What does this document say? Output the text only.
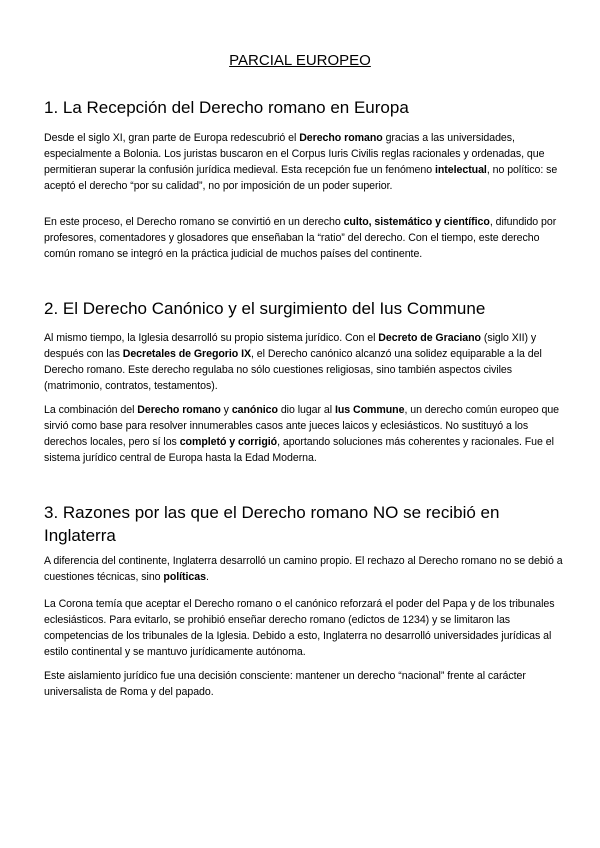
PARCIAL EUROPEO
1. La Recepción del Derecho romano en Europa

Desde el siglo XI, gran parte de Europa redescubrió el Derecho romano gracias a las universidades, especialmente a Bolonia. Los juristas buscaron en el Corpus Iuris Civilis reglas racionales y ordenadas, que permitieran superar la confusión jurídica medieval. Esta recepción fue un fenómeno intelectual, no político: se aceptó el derecho “por su calidad”, no por imposición de un poder superior.

En este proceso, el Derecho romano se convirtió en un derecho culto, sistemático y científico, difundido por profesores, comentadores y glosadores que enseñaban la “ratio” del derecho. Con el tiempo, este derecho común romano se integró en la práctica judicial de muchos países del continente.

2. El Derecho Canónico y el surgimiento del Ius Commune

Al mismo tiempo, la Iglesia desarrolló su propio sistema jurídico. Con el Decreto de Graciano (siglo XII) y después con las Decretales de Gregorio IX, el Derecho canónico alcanzó una solidez equiparable a la del Derecho romano. Este derecho regulaba no sólo cuestiones religiosas, sino también aspectos civiles (matrimonio, contratos, testamentos).

La combinación del Derecho romano y canónico dio lugar al Ius Commune, un derecho común europeo que sirvió como base para resolver innumerables casos ante jueces laicos y eclesiásticos. No sustituyó a los derechos locales, pero sí los completó y corrigió, aportando soluciones más coherentes y racionales. Fue el sistema jurídico central de Europa hasta la Edad Moderna.

3. Razones por las que el Derecho romano NO se recibió en Inglaterra

A diferencia del continente, Inglaterra desarrolló un camino propio. El rechazo al Derecho romano no se debió a cuestiones técnicas, sino políticas.

La Corona temía que aceptar el Derecho romano o el canónico reforzará el poder del Papa y de los tribunales eclesiásticos. Para evitarlo, se prohibió enseñar derecho romano (edictos de 1234) y se limitaron las competencias de los tribunales de la Iglesia. Debido a esto, Inglaterra no desarrolló universidades jurídicas al estilo continental y se mantuvo jurídicamente autónoma.

Este aislamiento jurídico fue una decisión consciente: mantener un derecho “nacional” frente al carácter universalista de Roma y del papado.
